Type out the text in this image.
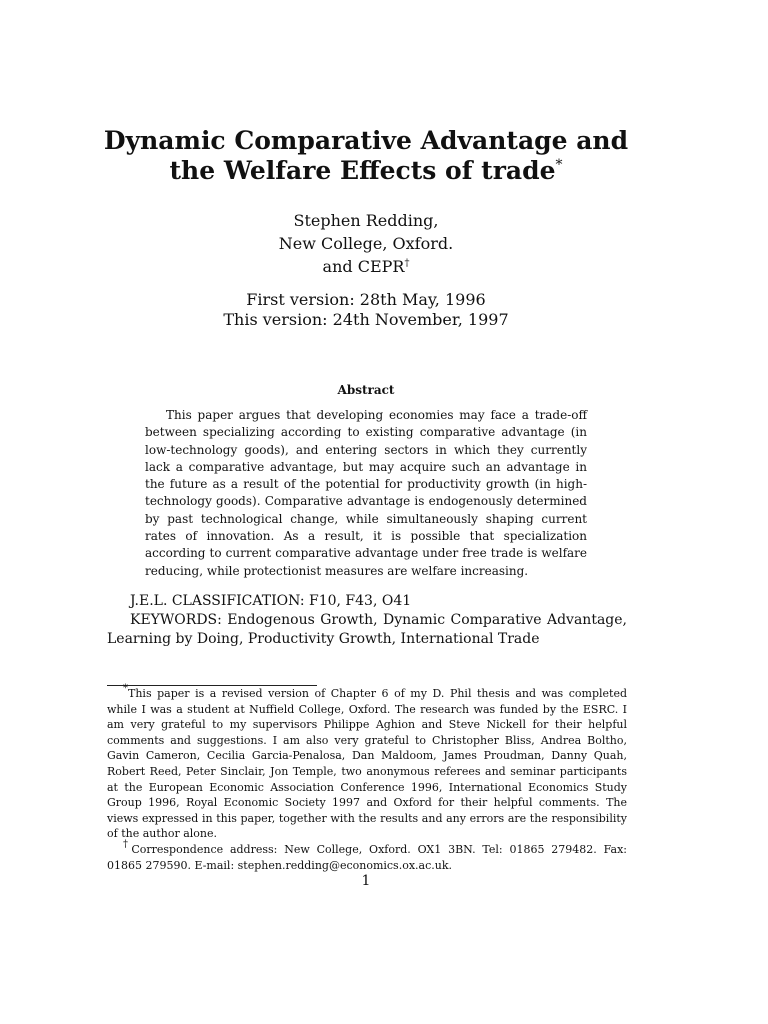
Dynamic Comparative Advantage and
the Welfare Effects of trade*
Stephen Redding,
New College, Oxford.
and CEPR†
First version: 28th May, 1996
This version: 24th November, 1997
Abstract

This paper argues that developing economies may face a trade-off between specializing according to existing comparative advantage (in low-technology goods), and entering sectors in which they currently lack a comparative advantage, but may acquire such an advantage in the future as a result of the potential for productivity growth (in high-technology goods). Comparative advantage is endogenously determined by past technological change, while simultaneously shaping current rates of innovation. As a result, it is possible that specialization according to current comparative advantage under free trade is welfare reducing, while protectionist measures are welfare increasing.

J.E.L. CLASSIFICATION: F10, F43, O41

KEYWORDS: Endogenous Growth, Dynamic Comparative Advantage, Learning by Doing, Productivity Growth, International Trade

*This paper is a revised version of Chapter 6 of my D. Phil thesis and was completed while I was a student at Nuffield College, Oxford. The research was funded by the ESRC. I am very grateful to my supervisors Philippe Aghion and Steve Nickell for their helpful comments and suggestions. I am also very grateful to Christopher Bliss, Andrea Boltho, Gavin Cameron, Cecilia Garcia-Penalosa, Dan Maldoom, James Proudman, Danny Quah, Robert Reed, Peter Sinclair, Jon Temple, two anonymous referees and seminar participants at the European Economic Association Conference 1996, International Economics Study Group 1996, Royal Economic Society 1997 and Oxford for their helpful comments. The views expressed in this paper, together with the results and any errors are the responsibility of the author alone.

†Correspondence address: New College, Oxford. OX1 3BN. Tel: 01865 279482. Fax: 01865 279590. E-mail: stephen.redding@economics.ox.ac.uk.

1
